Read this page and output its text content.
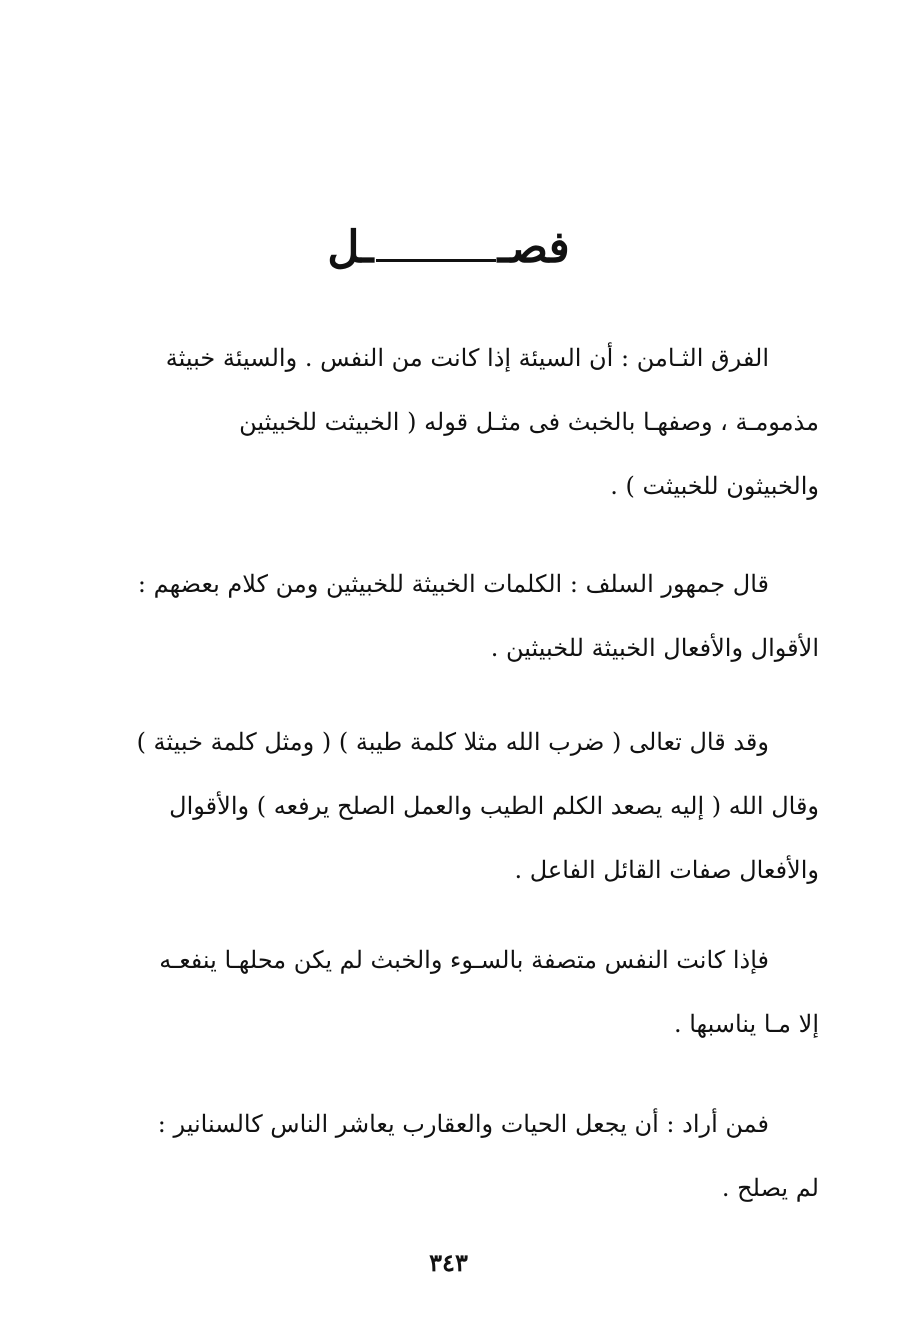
فصــل
الفرق الثـامن : أن السيئة إذا كانت من النفس . والسيئة خبيثة
مذمومـة ، وصفهـا بالخبث فى مثـل قوله ( الخبيثت للخبيثين
والخبيثون للخبيثت ) .
قال جمهور السلف : الكلمات الخبيثة للخبيثين ومن كلام بعضهم :
الأقوال والأفعال الخبيثة للخبيثين .
وقد قال تعالى ( ضرب الله مثلا كلمة طيبة ) ( ومثل كلمة خبيثة )
وقال الله ( إليه يصعد الكلم الطيب والعمل الصلح يرفعه ) والأقوال
والأفعال صفات القائل الفاعل .
فإذا كانت النفس متصفة بالسـوء والخبث لم يكن محلهـا ينفعـه
إلا مـا يناسبها .
فمن أراد : أن يجعل الحيات والعقارب يعاشر الناس كالسنانير :
لم يصلح .
٣٤٣
